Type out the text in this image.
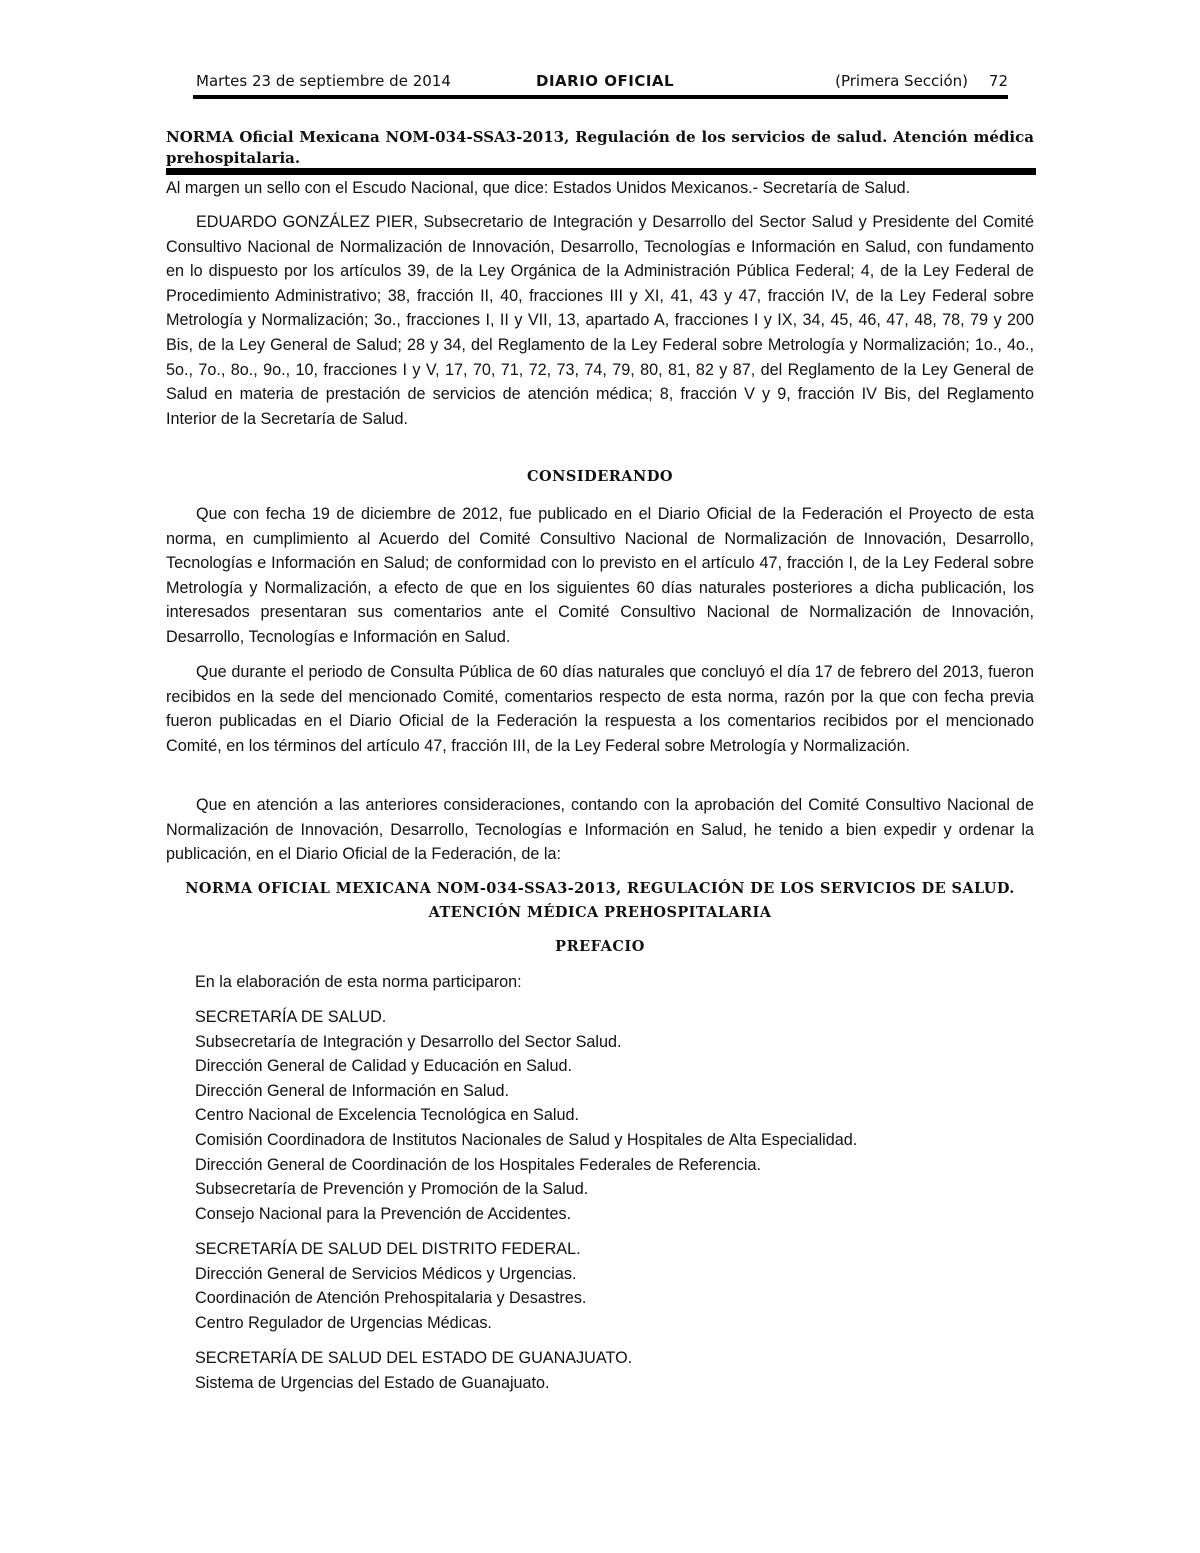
Martes 23 de septiembre de 2014	DIARIO OFICIAL	(Primera Sección) 72
NORMA Oficial Mexicana NOM-034-SSA3-2013, Regulación de los servicios de salud. Atención médica prehospitalaria.

Al margen un sello con el Escudo Nacional, que dice: Estados Unidos Mexicanos.- Secretaría de Salud.

EDUARDO GONZÁLEZ PIER, Subsecretario de Integración y Desarrollo del Sector Salud y Presidente del Comité Consultivo Nacional de Normalización de Innovación, Desarrollo, Tecnologías e Información en Salud, con fundamento en lo dispuesto por los artículos 39, de la Ley Orgánica de la Administración Pública Federal; 4, de la Ley Federal de Procedimiento Administrativo; 38, fracción II, 40, fracciones III y XI, 41, 43 y 47, fracción IV, de la Ley Federal sobre Metrología y Normalización; 3o., fracciones I, II y VII, 13, apartado A, fracciones I y IX, 34, 45, 46, 47, 48, 78, 79 y 200 Bis, de la Ley General de Salud; 28 y 34, del Reglamento de la Ley Federal sobre Metrología y Normalización; 1o., 4o., 5o., 7o., 8o., 9o., 10, fracciones I y V, 17, 70, 71, 72, 73, 74, 79, 80, 81, 82 y 87, del Reglamento de la Ley General de Salud en materia de prestación de servicios de atención médica; 8, fracción V y 9, fracción IV Bis, del Reglamento Interior de la Secretaría de Salud.

CONSIDERANDO

Que con fecha 19 de diciembre de 2012, fue publicado en el Diario Oficial de la Federación el Proyecto de esta norma, en cumplimiento al Acuerdo del Comité Consultivo Nacional de Normalización de Innovación, Desarrollo, Tecnologías e Información en Salud; de conformidad con lo previsto en el artículo 47, fracción I, de la Ley Federal sobre Metrología y Normalización, a efecto de que en los siguientes 60 días naturales posteriores a dicha publicación, los interesados presentaran sus comentarios ante el Comité Consultivo Nacional de Normalización de Innovación, Desarrollo, Tecnologías e Información en Salud.

Que durante el periodo de Consulta Pública de 60 días naturales que concluyó el día 17 de febrero del 2013, fueron recibidos en la sede del mencionado Comité, comentarios respecto de esta norma, razón por la que con fecha previa fueron publicadas en el Diario Oficial de la Federación la respuesta a los comentarios recibidos por el mencionado Comité, en los términos del artículo 47, fracción III, de la Ley Federal sobre Metrología y Normalización.

Que en atención a las anteriores consideraciones, contando con la aprobación del Comité Consultivo Nacional de Normalización de Innovación, Desarrollo, Tecnologías e Información en Salud, he tenido a bien expedir y ordenar la publicación, en el Diario Oficial de la Federación, de la:

NORMA OFICIAL MEXICANA NOM-034-SSA3-2013, REGULACIÓN DE LOS SERVICIOS DE SALUD.
ATENCIÓN MÉDICA PREHOSPITALARIA
PREFACIO
En la elaboración de esta norma participaron:
SECRETARÍA DE SALUD.
Subsecretaría de Integración y Desarrollo del Sector Salud.
Dirección General de Calidad y Educación en Salud.
Dirección General de Información en Salud.
Centro Nacional de Excelencia Tecnológica en Salud.
Comisión Coordinadora de Institutos Nacionales de Salud y Hospitales de Alta Especialidad.
Dirección General de Coordinación de los Hospitales Federales de Referencia.
Subsecretaría de Prevención y Promoción de la Salud.
Consejo Nacional para la Prevención de Accidentes.
SECRETARÍA DE SALUD DEL DISTRITO FEDERAL.
Dirección General de Servicios Médicos y Urgencias.
Coordinación de Atención Prehospitalaria y Desastres.
Centro Regulador de Urgencias Médicas.
SECRETARÍA DE SALUD DEL ESTADO DE GUANAJUATO.
Sistema de Urgencias del Estado de Guanajuato.
